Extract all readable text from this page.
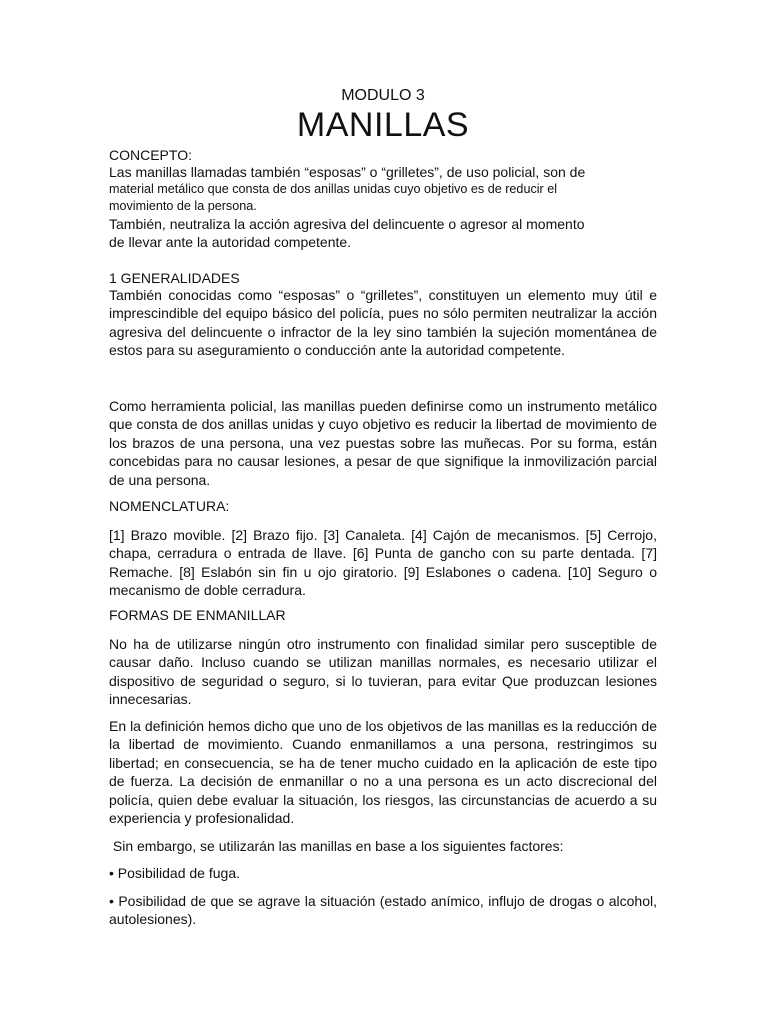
MODULO 3
MANILLAS
CONCEPTO:
Las manillas llamadas también “esposas” o “grilletes”, de uso policial, son de
material metálico que consta de dos anillas unidas cuyo objetivo es de reducir el
movimiento de la persona.
También, neutraliza la acción agresiva del delincuente o agresor al momento
de llevar ante la autoridad competente.
1 GENERALIDADES

También conocidas como “esposas” o “grilletes”, constituyen un elemento muy útil e imprescindible del equipo básico del policía, pues no sólo permiten neutralizar la acción agresiva del delincuente o infractor de la ley sino también la sujeción momentánea de estos para su aseguramiento o conducción ante la autoridad competente.

Como herramienta policial, las manillas pueden definirse como un instrumento metálico que consta de dos anillas unidas y cuyo objetivo es reducir la libertad de movimiento de los brazos de una persona, una vez puestas sobre las muñecas. Por su forma, están concebidas para no causar lesiones, a pesar de que signifique la inmovilización parcial de una persona.

NOMENCLATURA:

[1] Brazo movible. [2] Brazo fijo. [3] Canaleta. [4] Cajón de mecanismos. [5] Cerrojo, chapa, cerradura o entrada de llave. [6] Punta de gancho con su parte dentada. [7] Remache. [8] Eslabón sin fin u ojo giratorio. [9] Eslabones o cadena. [10] Seguro o mecanismo de doble cerradura.

FORMAS DE ENMANILLAR

No ha de utilizarse ningún otro instrumento con finalidad similar pero susceptible de causar daño. Incluso cuando se utilizan manillas normales, es necesario utilizar el dispositivo de seguridad o seguro, si lo tuvieran, para evitar Que produzcan lesiones innecesarias.

En la definición hemos dicho que uno de los objetivos de las manillas es la reducción de la libertad de movimiento. Cuando enmanillamos a una persona, restringimos su libertad; en consecuencia, se ha de tener mucho cuidado en la aplicación de este tipo de fuerza. La decisión de enmanillar o no a una persona es un acto discrecional del policía, quien debe evaluar la situación, los riesgos, las circunstancias de acuerdo a su experiencia y profesionalidad.

Sin embargo, se utilizarán las manillas en base a los siguientes factores:

• Posibilidad de fuga.

• Posibilidad de que se agrave la situación (estado anímico, influjo de drogas o alcohol, autolesiones).
